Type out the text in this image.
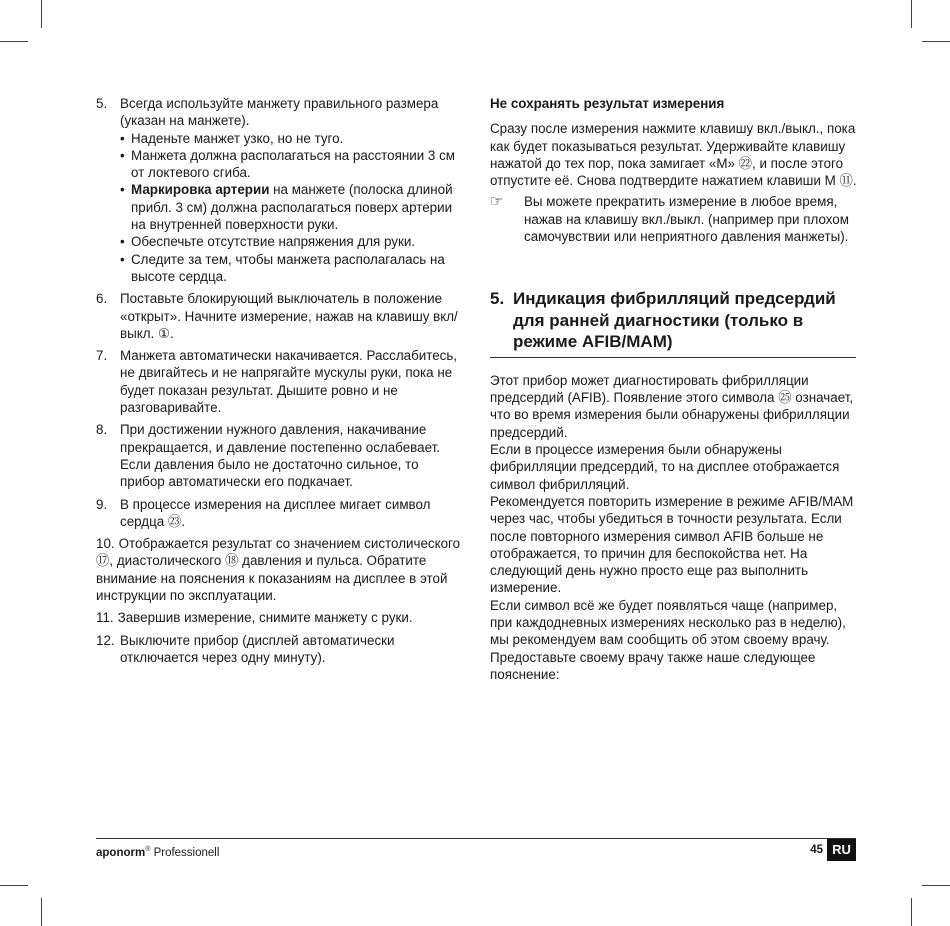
5. Всегда используйте манжету правильного размера (указан на манжете).
• Наденьте манжет узко, но не туго.
• Манжета должна располагаться на расстоянии 3 см от локтевого сгиба.
• Маркировка артерии на манжете (полоска длиной прибл. 3 см) должна располагаться поверх артерии на внутренней поверхности руки.
• Обеспечьте отсутствие напряжения для руки.
• Следите за тем, чтобы манжета располагалась на высоте сердца.
6. Поставьте блокирующий выключатель в положение «открыт». Начните измерение, нажав на клавишу вкл/выкл. ①.
7. Манжета автоматически накачивается. Расслабитесь, не двигайтесь и не напрягайте мускулы руки, пока не будет показан результат. Дышите ровно и не разговаривайте.
8. При достижении нужного давления, накачивание прекращается, и давление постепенно ослабевает. Если давления было не достаточно сильное, то прибор автоматически его подкачает.
9. В процессе измерения на дисплее мигает символ сердца ㉓.
10. Отображается результат со значением систолического ⑰, диастолического ⑱ давления и пульса. Обратите внимание на пояснения к показаниям на дисплее в этой инструкции по эксплуатации.
11. Завершив измерение, снимите манжету с руки.
12. Выключите прибор (дисплей автоматически отключается через одну минуту).
Не сохранять результат измерения

Сразу после измерения нажмите клавишу вкл./выкл., пока как будет показываться результат. Удерживайте клавишу нажатой до тех пор, пока замигает «M» ㉒, и после этого отпустите её. Снова подтвердите нажатием клавиши M ⑪.

☞	Вы можете прекратить измерение в любое время, нажав на клавишу вкл./выкл. (например при плохом самочувствии или неприятного давления манжеты).
5. Индикация фибрилляций предсердий для ранней диагностики (только в режиме AFIB/MAM)

Этот прибор может диагностировать фибрилляции предсердий (AFIB). Появление этого символа ㉕ означает, что во время измерения были обнаружены фибрилляции предсердий.

Если в процессе измерения были обнаружены фибрилляции предсердий, то на дисплее отображается символ фибрилляций.

Рекомендуется повторить измерение в режиме AFIB/MAM через час, чтобы убедиться в точности результата. Если после повторного измерения символ AFIB больше не отображается, то причин для беспокойства нет. На следующий день нужно просто еще раз выполнить измерение.

Если символ всё же будет появляться чаще (например, при каждодневных измерениях несколько раз в неделю), мы рекомендуем вам сообщить об этом своему врачу. Предоставьте своему врачу также наше следующее пояснение:

aponorm® Professionell	45 RU
